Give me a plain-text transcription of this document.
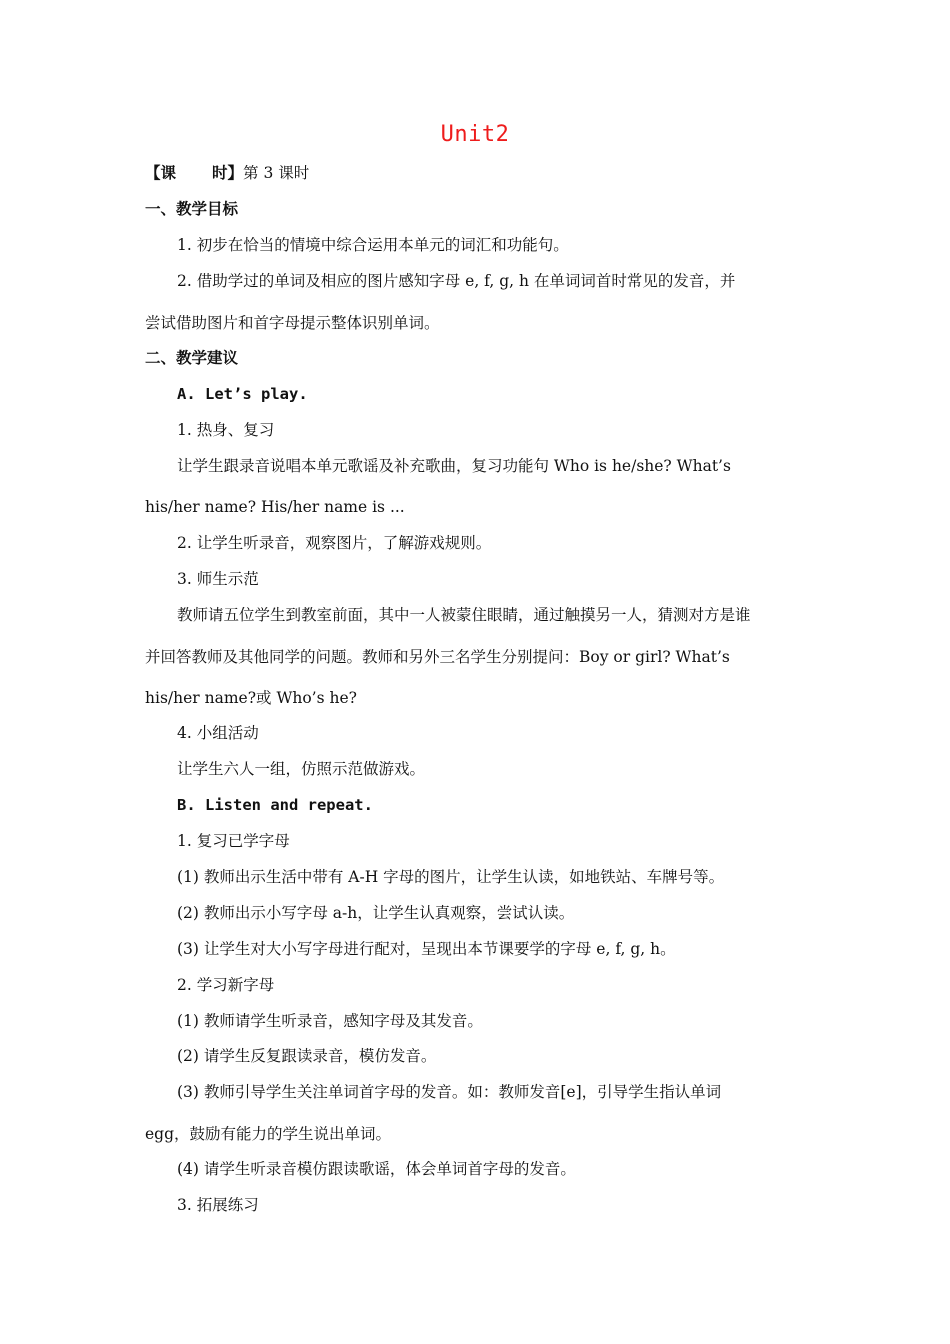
Unit2
【课 时】第 3 课时
一、教学目标
1. 初步在恰当的情境中综合运用本单元的词汇和功能句。
2. 借助学过的单词及相应的图片感知字母 e, f, g, h 在单词词首时常见的发音，并
尝试借助图片和首字母提示整体识别单词。
二、教学建议
A. Let’s play.
1. 热身、复习
让学生跟录音说唱本单元歌谣及补充歌曲，复习功能句 Who is he/she? What’s
his/her name? His/her name is ...
2. 让学生听录音，观察图片，了解游戏规则。
3. 师生示范
教师请五位学生到教室前面，其中一人被蒙住眼睛，通过触摸另一人，猜测对方是谁
并回答教师及其他同学的问题。教师和另外三名学生分别提问：Boy or girl? What’s
his/her name?或 Who’s he?
4. 小组活动
让学生六人一组，仿照示范做游戏。
B. Listen and repeat.
1. 复习已学字母
(1) 教师出示生活中带有 A-H 字母的图片，让学生认读，如地铁站、车牌号等。
(2) 教师出示小写字母 a-h，让学生认真观察，尝试认读。
(3) 让学生对大小写字母进行配对，呈现出本节课要学的字母 e, f, g, h。
2. 学习新字母
(1) 教师请学生听录音，感知字母及其发音。
(2) 请学生反复跟读录音，模仿发音。
(3) 教师引导学生关注单词首字母的发音。如：教师发音[e]，引导学生指认单词
egg，鼓励有能力的学生说出单词。
(4) 请学生听录音模仿跟读歌谣，体会单词首字母的发音。
3. 拓展练习
